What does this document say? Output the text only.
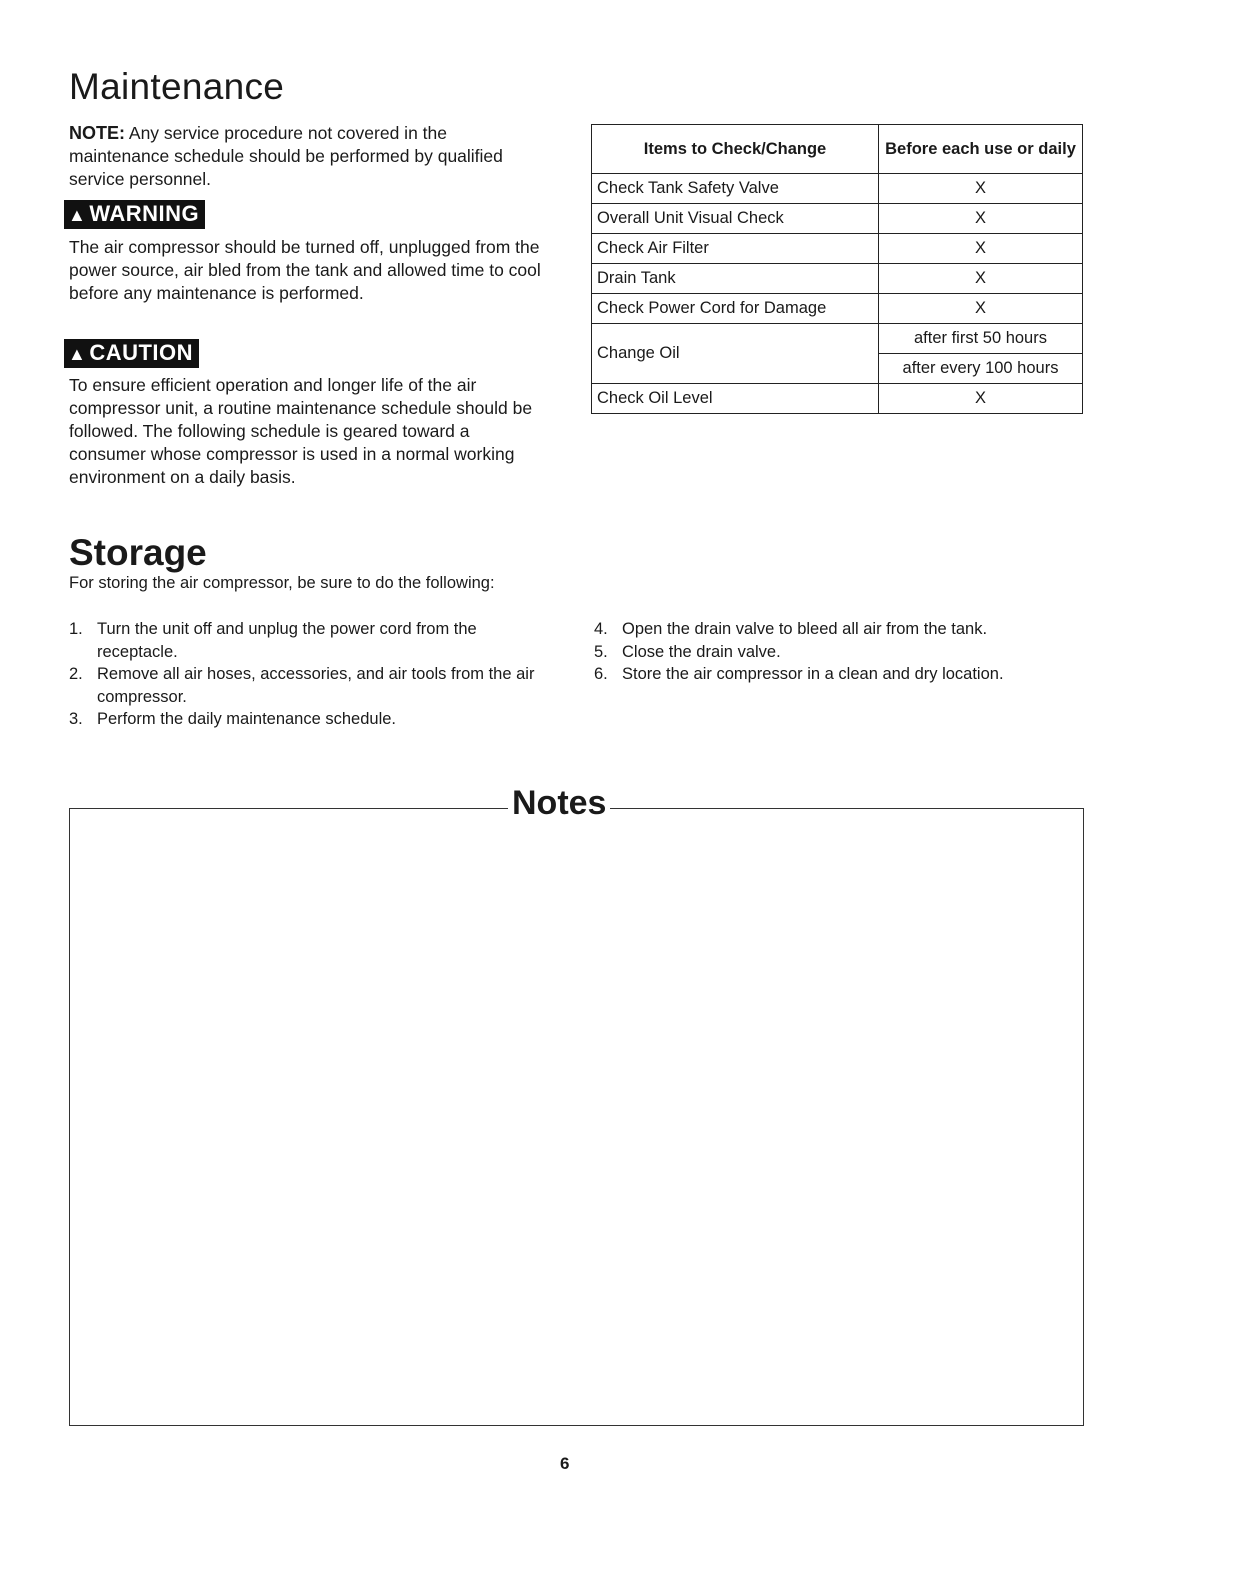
Maintenance

NOTE: Any service procedure not covered in the maintenance schedule should be performed by qualified service personnel.

▲ WARNING

The air compressor should be turned off, unplugged from the power source, air bled from the tank and allowed time to cool before any maintenance is performed.

▲ CAUTION

To ensure efficient operation and longer life of the air compressor unit, a routine maintenance schedule should be followed. The following schedule is geared toward a consumer whose compressor is used in a normal working environment on a daily basis.

Items to Check/Change	Before each use or daily
Check Tank Safety Valve	X
Overall Unit Visual Check	X
Check Air Filter	X
Drain Tank	X
Check Power Cord for Damage	X
Change Oil	after first 50 hours
	after every 100 hours
Check Oil Level	X
Storage

For storing the air compressor, be sure to do the following:

1. Turn the unit off and unplug the power cord from the receptacle.
2. Remove all air hoses, accessories, and air tools from the air compressor.
3. Perform the daily maintenance schedule.
4. Open the drain valve to bleed all air from the tank.
5. Close the drain valve.
6. Store the air compressor in a clean and dry location.
Notes

6
